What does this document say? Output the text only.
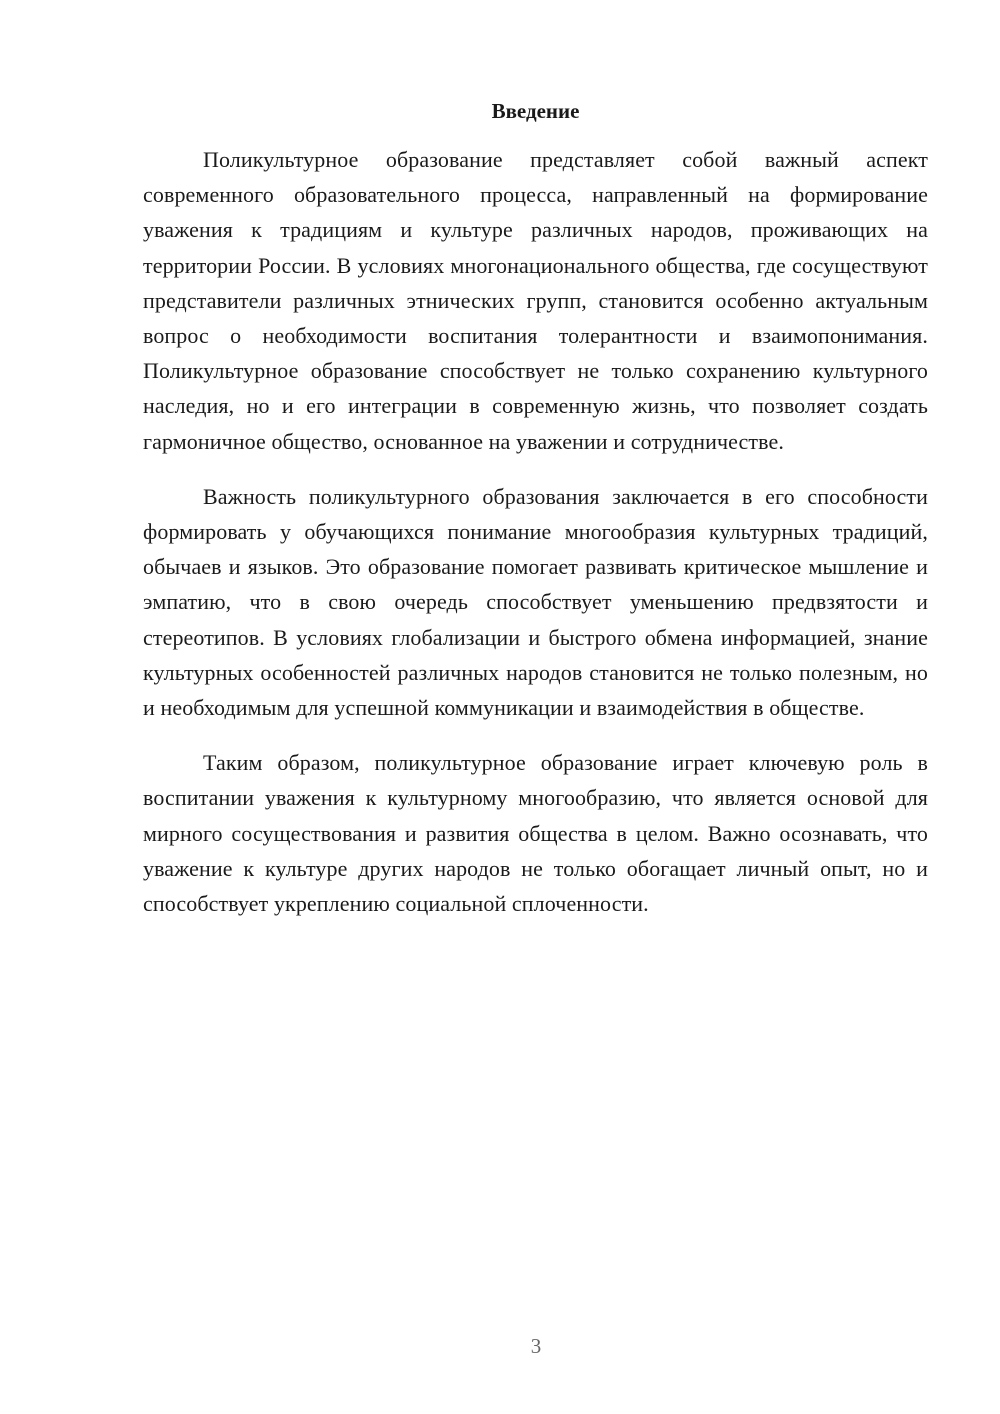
Введение

Поликультурное образование представляет собой важный аспект современного образовательного процесса, направленный на формирование уважения к традициям и культуре различных народов, проживающих на территории России. В условиях многонационального общества, где сосуществуют представители различных этнических групп, становится особенно актуальным вопрос о необходимости воспитания толерантности и взаимопонимания. Поликультурное образование способствует не только сохранению культурного наследия, но и его интеграции в современную жизнь, что позволяет создать гармоничное общество, основанное на уважении и сотрудничестве.

Важность поликультурного образования заключается в его способности формировать у обучающихся понимание многообразия культурных традиций, обычаев и языков. Это образование помогает развивать критическое мышление и эмпатию, что в свою очередь способствует уменьшению предвзятости и стереотипов. В условиях глобализации и быстрого обмена информацией, знание культурных особенностей различных народов становится не только полезным, но и необходимым для успешной коммуникации и взаимодействия в обществе.

Таким образом, поликультурное образование играет ключевую роль в воспитании уважения к культурному многообразию, что является основой для мирного сосуществования и развития общества в целом. Важно осознавать, что уважение к культуре других народов не только обогащает личный опыт, но и способствует укреплению социальной сплоченности.

3
